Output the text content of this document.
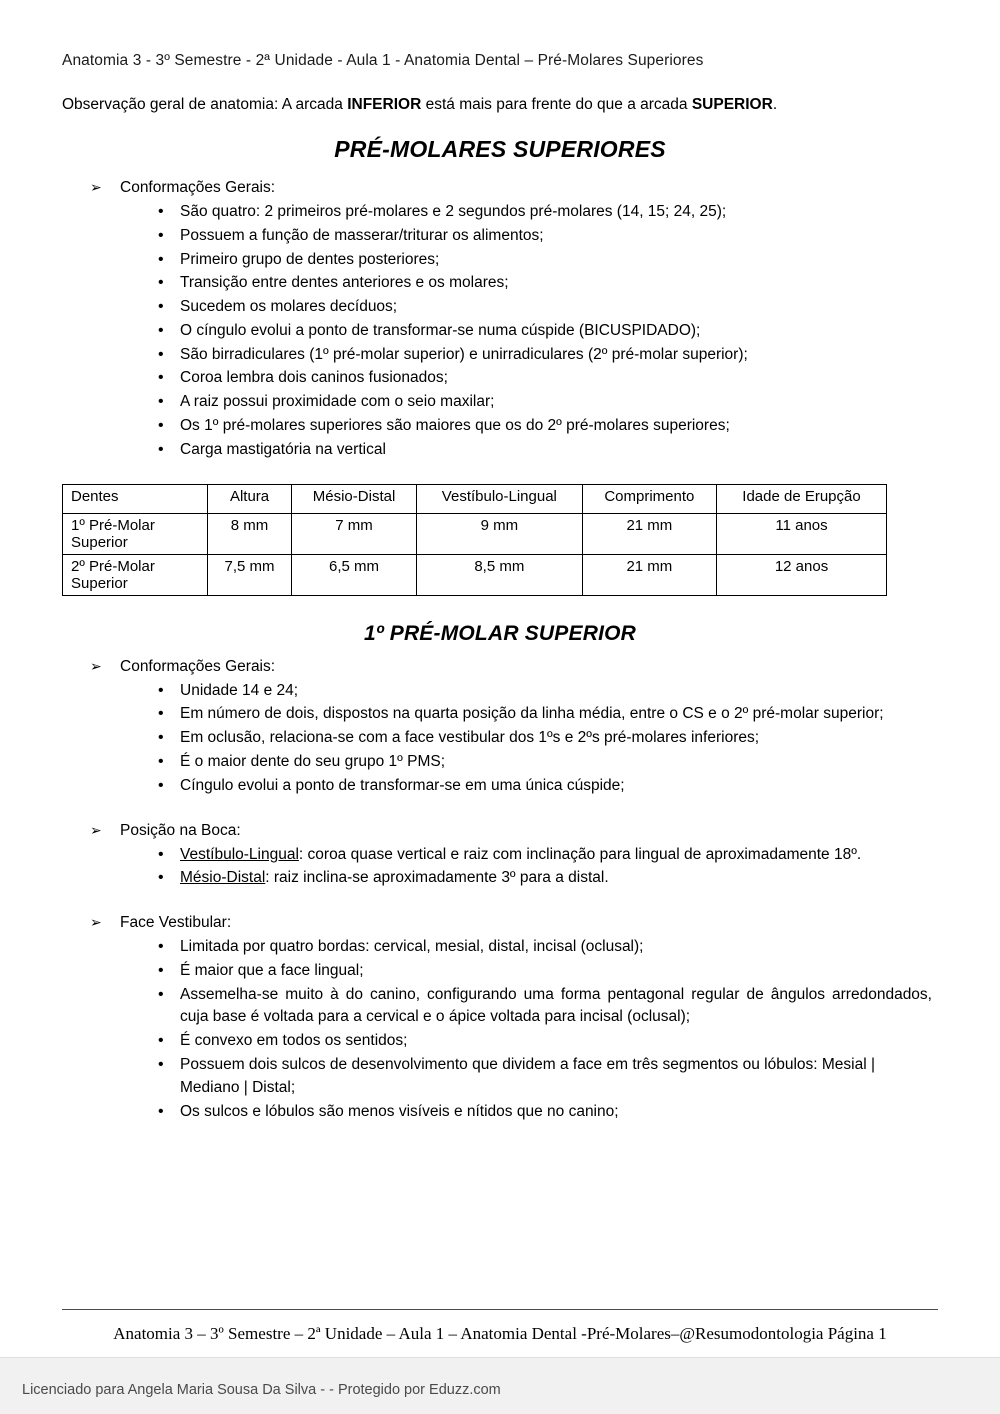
Anatomia 3 - 3º Semestre - 2ª Unidade - Aula 1 - Anatomia Dental – Pré-Molares Superiores

Observação geral de anatomia: A arcada INFERIOR está mais para frente do que a arcada SUPERIOR.

PRÉ-MOLARES SUPERIORES
➢ Conformações Gerais:
• São quatro: 2 primeiros pré-molares e 2 segundos pré-molares (14, 15; 24, 25);
• Possuem a função de masserar/triturar os alimentos;
• Primeiro grupo de dentes posteriores;
• Transição entre dentes anteriores e os molares;
• Sucedem os molares decíduos;
• O cíngulo evolui a ponto de transformar-se numa cúspide (BICUSPIDADO);
• São birradiculares (1º pré-molar superior) e unirradiculares (2º pré-molar superior);
• Coroa lembra dois caninos fusionados;
• A raiz possui proximidade com o seio maxilar;
• Os 1º pré-molares superiores são maiores que os do 2º pré-molares superiores;
• Carga mastigatória na vertical
Dentes	Altura	Mésio-Distal	Vestíbulo-Lingual	Comprimento	Idade de Erupção
1º Pré-Molar Superior	8 mm	7 mm	9 mm	21 mm	11 anos
2º Pré-Molar Superior	7,5 mm	6,5 mm	8,5 mm	21 mm	12 anos
1º PRÉ-MOLAR SUPERIOR
➢ Conformações Gerais:
• Unidade 14 e 24;
• Em número de dois, dispostos na quarta posição da linha média, entre o CS e o 2º pré-molar superior;
• Em oclusão, relaciona-se com a face vestibular dos 1ºs e 2ºs pré-molares inferiores;
• É o maior dente do seu grupo 1º PMS;
• Cíngulo evolui a ponto de transformar-se em uma única cúspide;
➢ Posição na Boca:
• Vestíbulo-Lingual: coroa quase vertical e raiz com inclinação para lingual de aproximadamente 18º.
• Mésio-Distal: raiz inclina-se aproximadamente 3º para a distal.
➢ Face Vestibular:
• Limitada por quatro bordas: cervical, mesial, distal, incisal (oclusal);
• É maior que a face lingual;
• Assemelha-se muito à do canino, configurando uma forma pentagonal regular de ângulos arredondados, cuja base é voltada para a cervical e o ápice voltada para incisal (oclusal);
• É convexo em todos os sentidos;
• Possuem dois sulcos de desenvolvimento que dividem a face em três segmentos ou lóbulos: Mesial | Mediano | Distal;
• Os sulcos e lóbulos são menos visíveis e nítidos que no canino;
Anatomia 3 – 3º Semestre – 2ª Unidade – Aula 1 – Anatomia Dental -Pré-Molares–@Resumodontologia Página 1
Licenciado para Angela Maria Sousa Da Silva - - Protegido por Eduzz.com
